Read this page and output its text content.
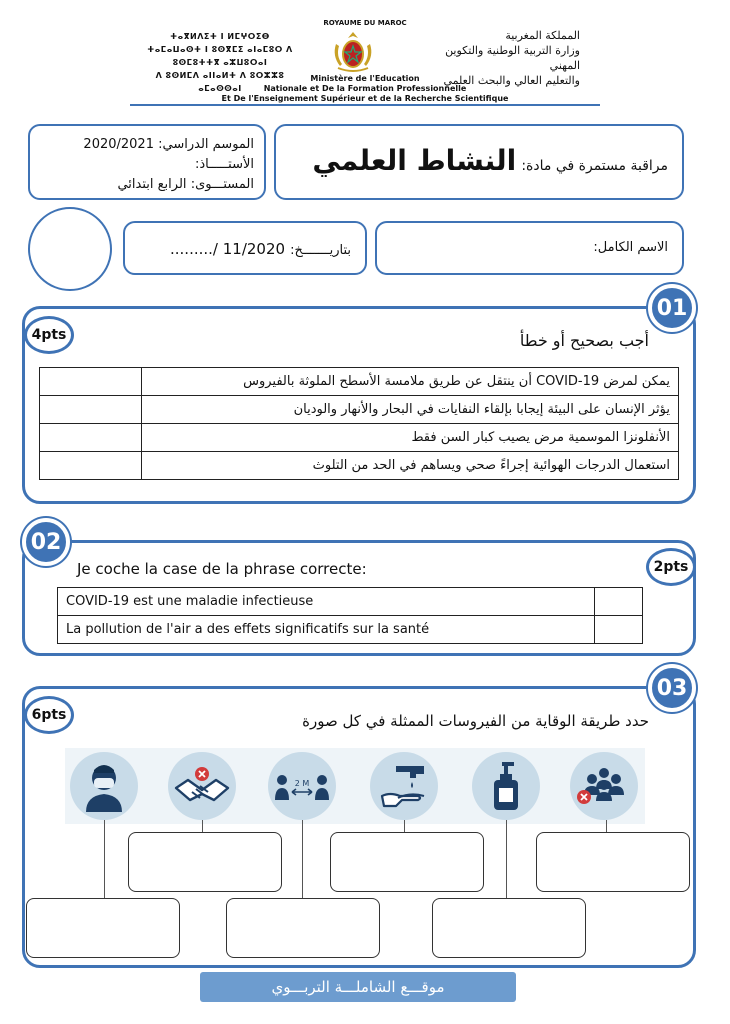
ⵜⴰⴳⵍⴷⵉⵜ ⵏ ⵍⵎⵖⵔⵉⴱ
ⵜⴰⵎⴰⵡⴰⵙⵜ ⵏ ⵓⵙⴳⵎⵉ ⴰⵏⴰⵎⵓⵔ ⴷ ⵓⵙⵎⵓⵜⵜⴳ ⴰⵣⵡⵓⵔⴰⵏ
ⴷ ⵓⵙⵍⵎⴷ ⴰⵏⵏⴰⵍⵜ ⴷ ⵓⵔⵣⵣⵓ ⴰⵎⴰⵙⵙⴰⵏ
ROYAUME DU MAROC
المملكة المغربية
وزارة التربية الوطنية والتكوين المهني
والتعليم العالي والبحث العلمي
Ministère de l'Education
Nationale et De la Formation Professionnelle
Et De l'Enseignement Supérieur et de la Recherche Scientifique
الموسم الدراسي: 2020/2021
الأستـــــاذ:
المستـــوى: الرابع ابتدائي
مراقبة مستمرة في مادة: النشاط العلمي
بتاريـــــــخ: 11/2020 /.........	الاسم الكامل:
أجب بصحيح أو خطأ
	يمكن لمرض COVID-19 أن ينتقل عن طريق ملامسة الأسطح الملوثة بالفيروس
	يؤثر الإنسان على البيئة إيجابا بإلقاء النفايات في البحار والأنهار والوديان
	الأنفلونزا الموسمية مرض يصيب كبار السن فقط
	استعمال الدرجات الهوائية إجراءً صحي ويساهم في الحد من التلوث
01
4pts
Je coche la case de la phrase correcte:
COVID-19 est une maladie infectieuse	
La pollution de l'air a des effets significatifs sur la santé	
02
2pts
حدد طريقة الوقاية من الفيروسات الممثلة في كل صورة
03
6pts
2 M
موقـــع الشاملـــة التربـــوي
